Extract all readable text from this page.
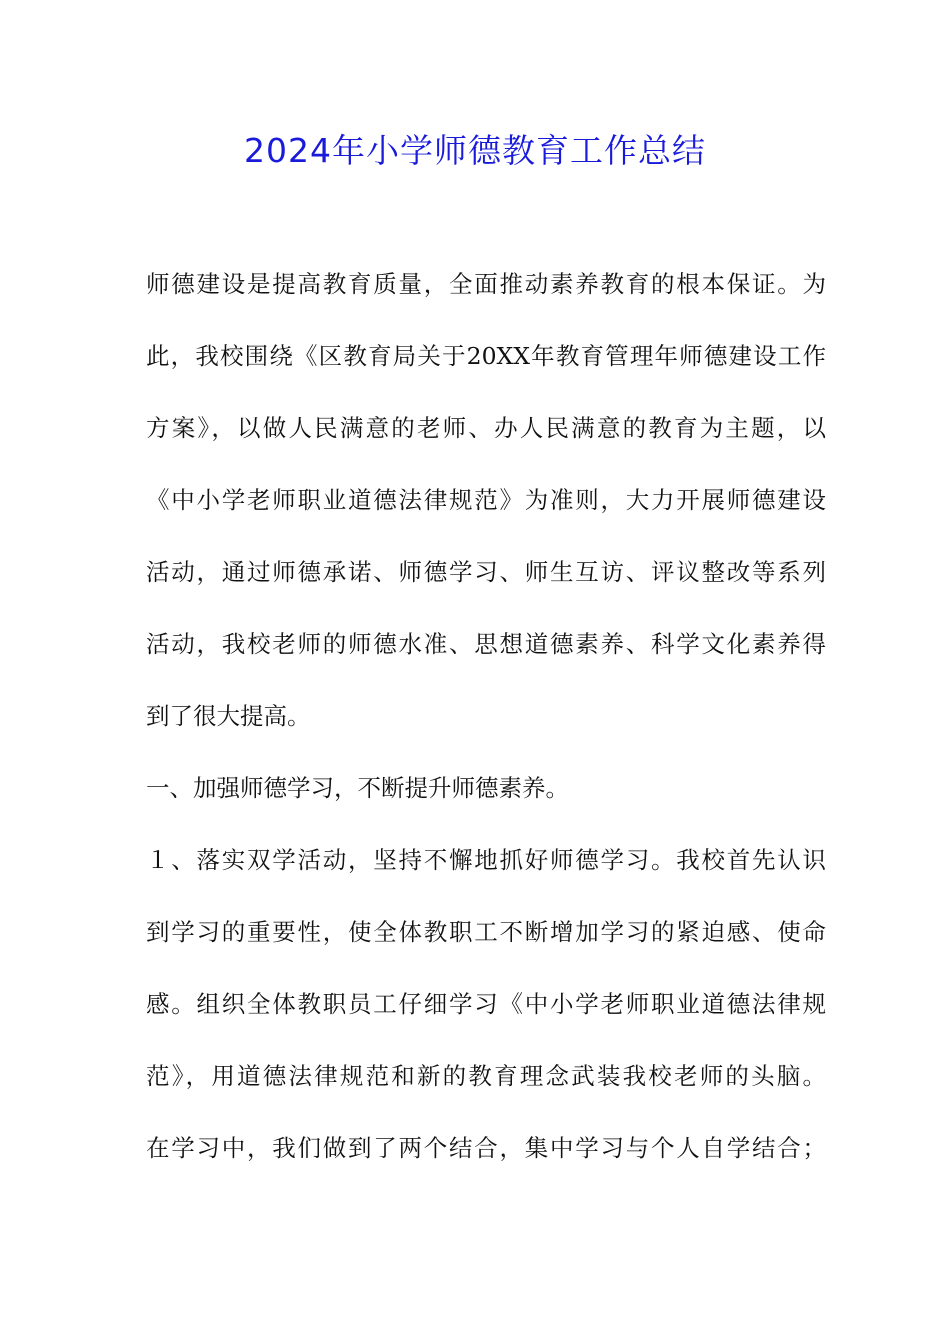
2024年小学师德教育工作总结
师德建设是提高教育质量，全面推动素养教育的根本保证。为
此，我校围绕《区教育局关于20XX年教育管理年师德建设工作
方案》，以做人民满意的老师、办人民满意的教育为主题，以
《中小学老师职业道德法律规范》为准则，大力开展师德建设
活动，通过师德承诺、师德学习、师生互访、评议整改等系列
活动，我校老师的师德水准、思想道德素养、科学文化素养得
到了很大提高。
一、加强师德学习，不断提升师德素养。
１、落实双学活动，坚持不懈地抓好师德学习。我校首先认识
到学习的重要性，使全体教职工不断增加学习的紧迫感、使命
感。组织全体教职员工仔细学习《中小学老师职业道德法律规
范》，用道德法律规范和新的教育理念武装我校老师的头脑。
在学习中，我们做到了两个结合，集中学习与个人自学结合；
